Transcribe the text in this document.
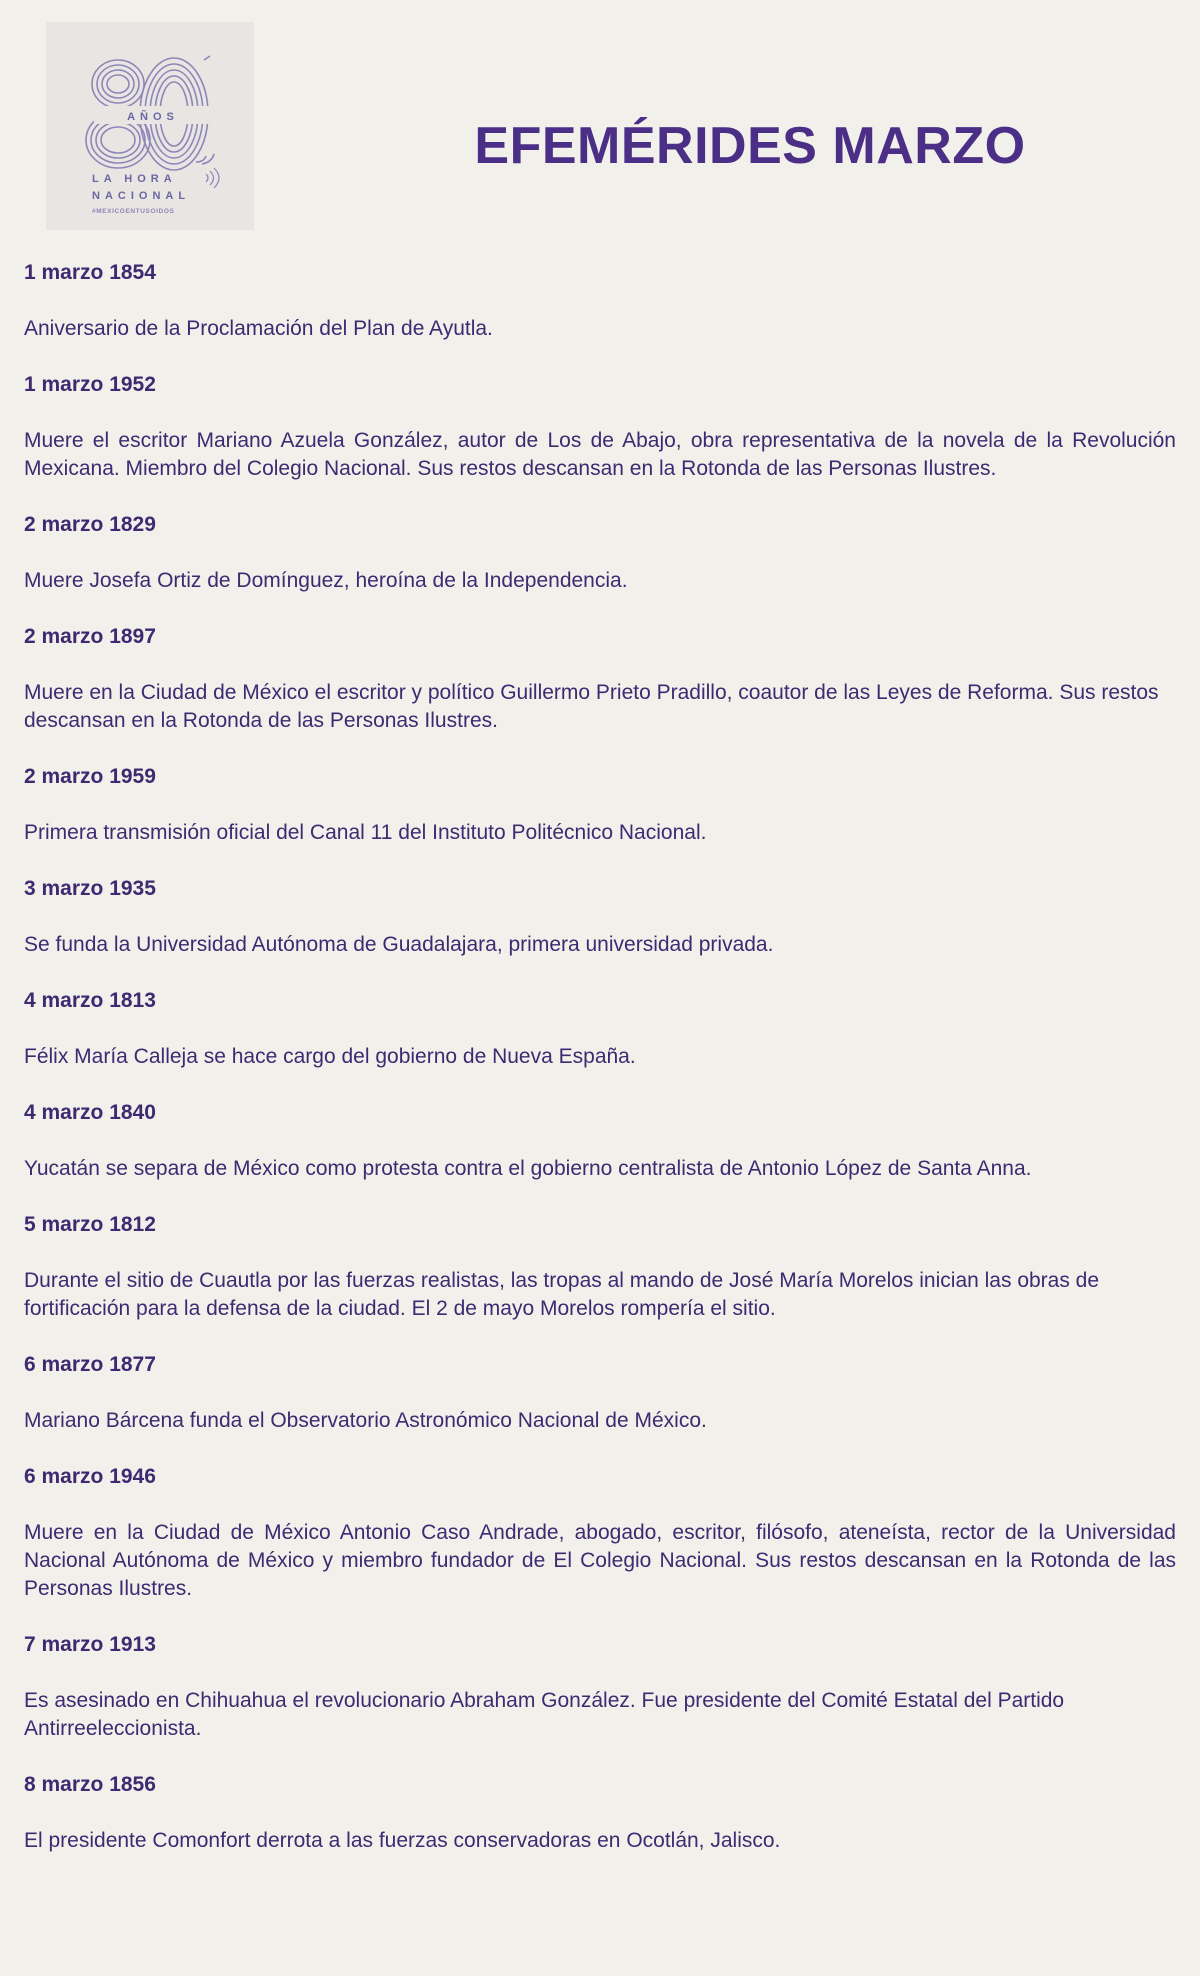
AÑOS
LA HORA
NACIONAL
#MEXICOENTUSOIDOS
EFEMÉRIDES MARZO

1 marzo 1854

Aniversario de la Proclamación del Plan de Ayutla.

1 marzo 1952

Muere el escritor Mariano Azuela González, autor de Los de Abajo, obra representativa de la novela de la Revolución Mexicana. Miembro del Colegio Nacional. Sus restos descansan en la Rotonda de las Personas Ilustres.

2 marzo 1829

Muere Josefa Ortiz de Domínguez, heroína de la Independencia.

2 marzo 1897

Muere en la Ciudad de México el escritor y político Guillermo Prieto Pradillo, coautor de las Leyes de Reforma. Sus restos descansan en la Rotonda de las Personas Ilustres.

2 marzo 1959

Primera transmisión oficial del Canal 11 del Instituto Politécnico Nacional.

3 marzo 1935

Se funda la Universidad Autónoma de Guadalajara, primera universidad privada.

4 marzo 1813

Félix María Calleja se hace cargo del gobierno de Nueva España.

4 marzo 1840

Yucatán se separa de México como protesta contra el gobierno centralista de Antonio López de Santa Anna.

5 marzo 1812

Durante el sitio de Cuautla por las fuerzas realistas, las tropas al mando de José María Morelos inician las obras de fortificación para la defensa de la ciudad. El 2 de mayo Morelos rompería el sitio.

6 marzo 1877

Mariano Bárcena funda el Observatorio Astronómico Nacional de México.

6 marzo 1946

Muere en la Ciudad de México Antonio Caso Andrade, abogado, escritor, filósofo, ateneísta, rector de la Universidad Nacional Autónoma de México y miembro fundador de El Colegio Nacional. Sus restos descansan en la Rotonda de las Personas Ilustres.

7 marzo 1913

Es asesinado en Chihuahua el revolucionario Abraham González. Fue presidente del Comité Estatal del Partido Antirreeleccionista.

8 marzo 1856

El presidente Comonfort derrota a las fuerzas conservadoras en Ocotlán, Jalisco.
